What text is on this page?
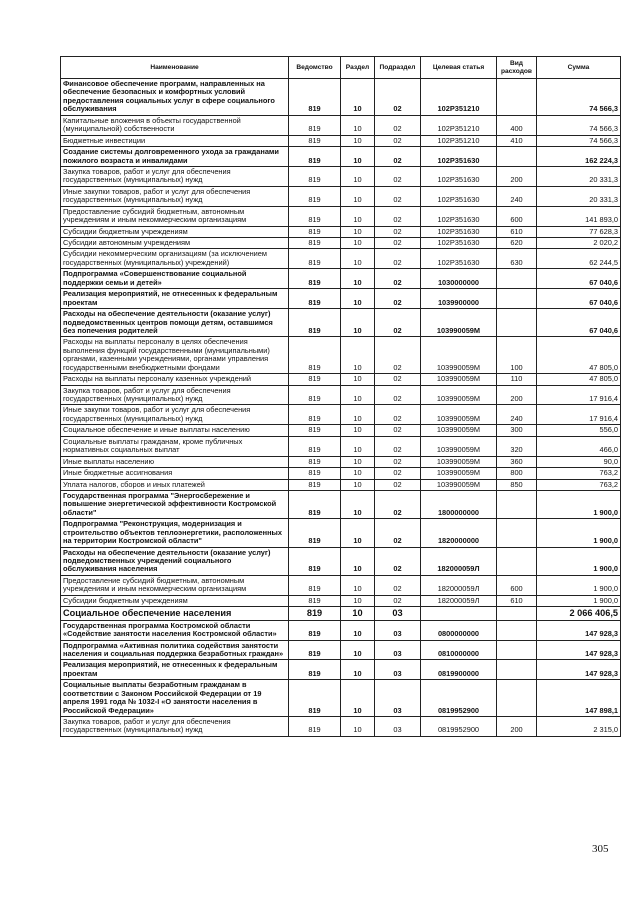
Наименование	Ведомство	Раздел	Подраздел	Целевая статья	Вид расходов	Сумма
Финансовое обеспечение программ, направленных на обеспечение безопасных и комфортных условий предоставления социальных услуг в сфере социального обслуживания	819	10	02	102P351210		74 566,3
Капитальные вложения в объекты государственной (муниципальной) собственности	819	10	02	102P351210	400	74 566,3
Бюджетные инвестиции	819	10	02	102P351210	410	74 566,3
Создание системы долговременного ухода за гражданами пожилого возраста и инвалидами	819	10	02	102P351630		162 224,3
Закупка товаров, работ и услуг для обеспечения государственных (муниципальных) нужд	819	10	02	102P351630	200	20 331,3
Иные закупки товаров, работ и услуг для обеспечения государственных (муниципальных) нужд	819	10	02	102P351630	240	20 331,3
Предоставление субсидий бюджетным, автономным учреждениям и иным некоммерческим организациям	819	10	02	102P351630	600	141 893,0
Субсидии бюджетным учреждениям	819	10	02	102P351630	610	77 628,3
Субсидии автономным учреждениям	819	10	02	102P351630	620	2 020,2
Субсидии некоммерческим организациям (за исключением государственных (муниципальных) учреждений)	819	10	02	102P351630	630	62 244,5
Подпрограмма «Совершенствование социальной поддержки семьи и детей»	819	10	02	1030000000		67 040,6
Реализация мероприятий, не отнесенных к федеральным проектам	819	10	02	1039900000		67 040,6
Расходы на обеспечение деятельности (оказание услуг) подведомственных центров помощи детям, оставшимся без попечения родителей	819	10	02	103990059М		67 040,6
Расходы на выплаты персоналу в целях обеспечения выполнения функций государственными (муниципальными) органами, казенными учреждениями, органами управления государственными внебюджетными фондами	819	10	02	103990059М	100	47 805,0
Расходы на выплаты персоналу казенных учреждений	819	10	02	103990059М	110	47 805,0
Закупка товаров, работ и услуг для обеспечения государственных (муниципальных) нужд	819	10	02	103990059М	200	17 916,4
Иные закупки товаров, работ и услуг для обеспечения государственных (муниципальных) нужд	819	10	02	103990059М	240	17 916,4
Социальное обеспечение и иные выплаты населению	819	10	02	103990059М	300	556,0
Социальные выплаты гражданам, кроме публичных нормативных социальных выплат	819	10	02	103990059М	320	466,0
Иные выплаты населению	819	10	02	103990059М	360	90,0
Иные бюджетные ассигнования	819	10	02	103990059М	800	763,2
Уплата налогов, сборов и иных платежей	819	10	02	103990059М	850	763,2
Государственная программа "Энергосбережение и повышение энергетической эффективности Костромской области"	819	10	02	1800000000		1 900,0
Подпрограмма "Реконструкция, модернизация и строительство объектов теплоэнергетики, расположенных на территории Костромской области"	819	10	02	1820000000		1 900,0
Расходы на обеспечение деятельности (оказание услуг) подведомственных учреждений социального обслуживания населения	819	10	02	182000059Л		1 900,0
Предоставление субсидий бюджетным, автономным учреждениям и иным некоммерческим организациям	819	10	02	182000059Л	600	1 900,0
Субсидии бюджетным учреждениям	819	10	02	182000059Л	610	1 900,0
Социальное обеспечение населения	819	10	03			2 066 406,5
Государственная программа Костромской области «Содействие занятости населения Костромской области»	819	10	03	0800000000		147 928,3
Подпрограмма «Активная политика содействия занятости населения и социальная поддержка безработных граждан»	819	10	03	0810000000		147 928,3
Реализация мероприятий, не отнесенных к федеральным проектам	819	10	03	0819900000		147 928,3
Социальные выплаты безработным гражданам в соответствии с Законом Российской Федерации от 19 апреля 1991 года № 1032-I «О занятости населения в Российской Федерации»	819	10	03	0819952900		147 898,1
Закупка товаров, работ и услуг для обеспечения государственных (муниципальных) нужд	819	10	03	0819952900	200	2 315,0
305
